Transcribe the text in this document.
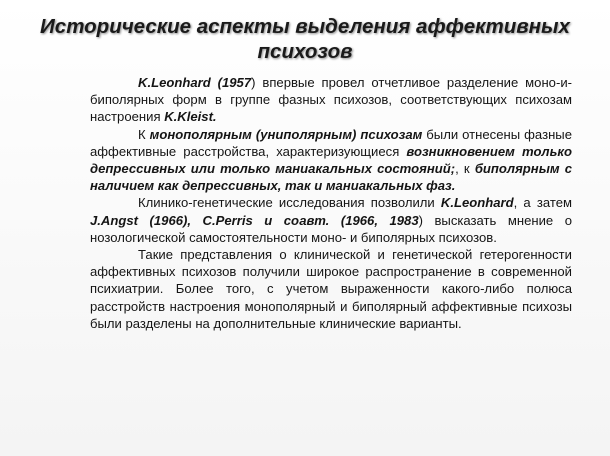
Исторические аспекты выделения аффективных психозов

K.Leonhard (1957) впервые провел отчетливое разделение моно-и-биполярных форм в группе фазных психозов, соответствующих психозам настроения K.Kleist.

К монополярным (униполярным) психозам были отнесены фазные аффективные расстройства, характеризующиеся возникновением только депрессивных или только маниакальных состояний;, к биполярным с наличием как депрессивных, так и маниакальных фаз.

Клинико-генетические исследования позволили K.Leonhard, а затем J.Angst (1966), C.Perris и соавт. (1966, 1983) высказать мнение о нозологической самостоятельности моно- и биполярных психозов.

Такие представления о клинической и генетической гетерогенности аффективных психозов получили широкое распространение в современной психиатрии. Более того, с учетом выраженности какого-либо полюса расстройств настроения монополярный и биполярный аффективные психозы были разделены на дополнительные клинические варианты.
